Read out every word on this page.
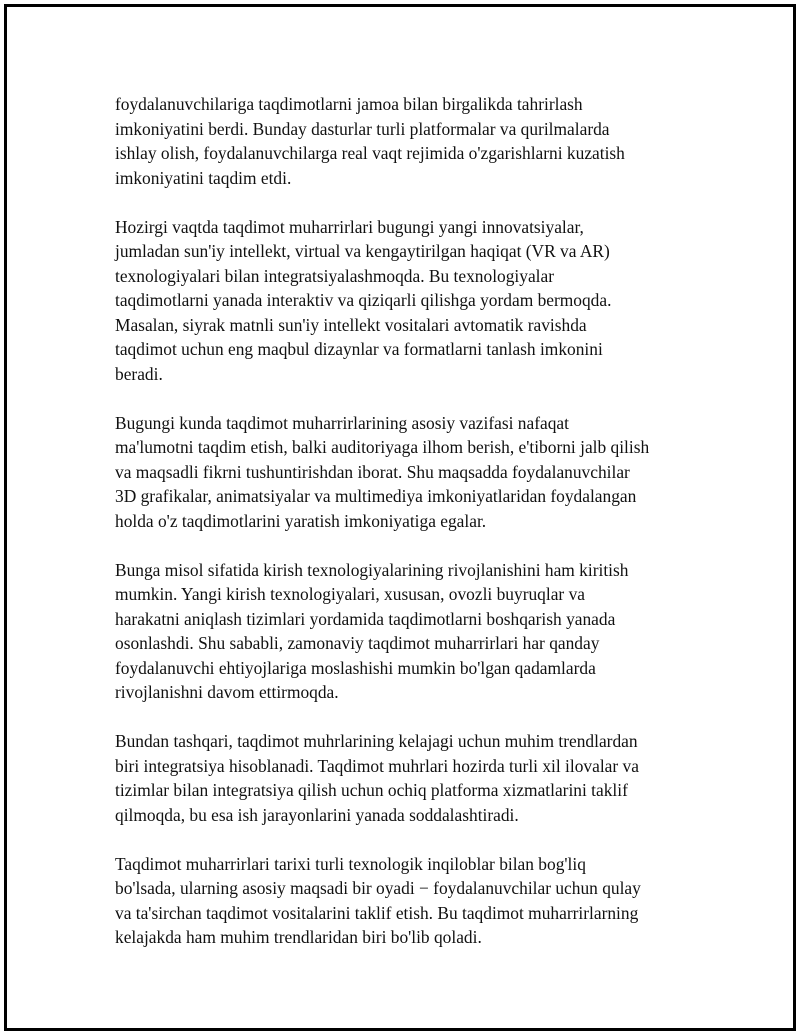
foydalanuvchilariga taqdimotlarni jamoa bilan birgalikda tahrirlash
imkoniyatini berdi. Bunday dasturlar turli platformalar va qurilmalarda
ishlay olish, foydalanuvchilarga real vaqt rejimida o'zgarishlarni kuzatish
imkoniyatini taqdim etdi.

Hozirgi vaqtda taqdimot muharrirlari bugungi yangi innovatsiyalar,
jumladan sun'iy intellekt, virtual va kengaytirilgan haqiqat (VR va AR)
texnologiyalari bilan integratsiyalashmoqda. Bu texnologiyalar
taqdimotlarni yanada interaktiv va qiziqarli qilishga yordam bermoqda.
Masalan, siyrak matnli sun'iy intellekt vositalari avtomatik ravishda
taqdimot uchun eng maqbul dizaynlar va formatlarni tanlash imkonini
beradi.

Bugungi kunda taqdimot muharrirlarining asosiy vazifasi nafaqat
ma'lumotni taqdim etish, balki auditoriyaga ilhom berish, e'tiborni jalb qilish
va maqsadli fikrni tushuntirishdan iborat. Shu maqsadda foydalanuvchilar
3D grafikalar, animatsiyalar va multimediya imkoniyatlaridan foydalangan
holda o'z taqdimotlarini yaratish imkoniyatiga egalar.

Bunga misol sifatida kirish texnologiyalarining rivojlanishini ham kiritish
mumkin. Yangi kirish texnologiyalari, xususan, ovozli buyruqlar va
harakatni aniqlash tizimlari yordamida taqdimotlarni boshqarish yanada
osonlashdi. Shu sababli, zamonaviy taqdimot muharrirlari har qanday
foydalanuvchi ehtiyojlariga moslashishi mumkin bo'lgan qadamlarda
rivojlanishni davom ettirmoqda.

Bundan tashqari, taqdimot muhrlarining kelajagi uchun muhim trendlardan
biri integratsiya hisoblanadi. Taqdimot muhrlari hozirda turli xil ilovalar va
tizimlar bilan integratsiya qilish uchun ochiq platforma xizmatlarini taklif
qilmoqda, bu esa ish jarayonlarini yanada soddalashtiradi.

Taqdimot muharrirlari tarixi turli texnologik inqiloblar bilan bog'liq
bo'lsada, ularning asosiy maqsadi bir oyadi − foydalanuvchilar uchun qulay
va ta'sirchan taqdimot vositalarini taklif etish. Bu taqdimot muharrirlarning
kelajakda ham muhim trendlaridan biri bo'lib qoladi.
